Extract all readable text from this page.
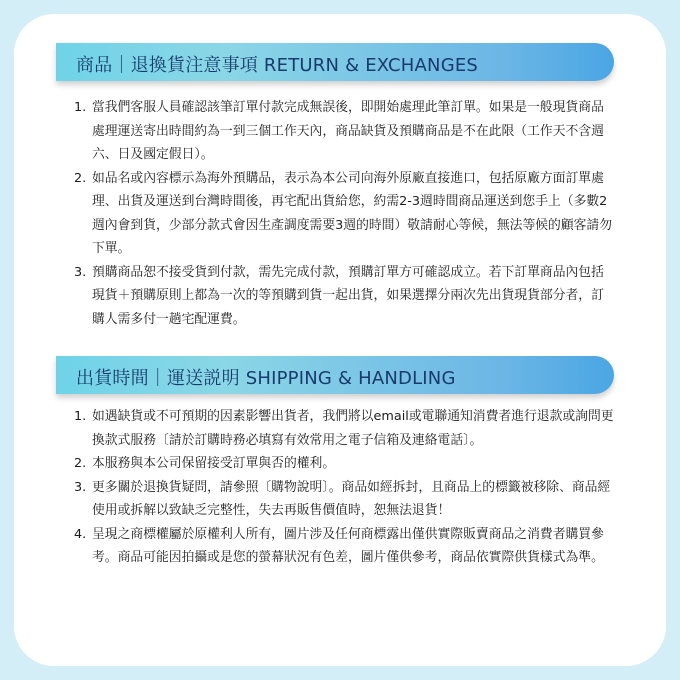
商品｜退換貨注意事項 RETURN & EXCHANGES
1. 當我們客服人員確認該筆訂單付款完成無誤後，即開始處理此筆訂單。如果是一般現貨商品處理運送寄出時間約為一到三個工作天內，商品缺貨及預購商品是不在此限（工作天不含週六、日及國定假日）。
2. 如品名或內容標示為海外預購品，表示為本公司向海外原廠直接進口，包括原廠方面訂單處理、出貨及運送到台灣時間後，再宅配出貨給您，約需2-3週時間商品運送到您手上（多數2週內會到貨，少部分款式會因生產調度需要3週的時間）敬請耐心等候，無法等候的顧客請勿下單。
3. 預購商品恕不接受貨到付款，需先完成付款，預購訂單方可確認成立。若下訂單商品內包括現貨＋預購原則上都為一次的等預購到貨一起出貨，如果選擇分兩次先出貨現貨部分者，訂購人需多付一趟宅配運費。
出貨時間｜運送説明 SHIPPING & HANDLING
1. 如遇缺貨或不可預期的因素影響出貨者，我們將以email或電聯通知消費者進行退款或詢問更換款式服務〔請於訂購時務必填寫有效常用之電子信箱及連絡電話〕。
2. 本服務與本公司保留接受訂單與否的權利。
3. 更多關於退換貨疑問，請參照〔購物說明〕。商品如經拆封，且商品上的標籤被移除、商品經使用或拆解以致缺乏完整性，失去再販售價值時，恕無法退貨！
4. 呈現之商標權屬於原權利人所有，圖片涉及任何商標露出僅供實際販賣商品之消費者購買參考。商品可能因拍攝或是您的螢幕狀況有色差，圖片僅供參考，商品依實際供貨樣式為準。
